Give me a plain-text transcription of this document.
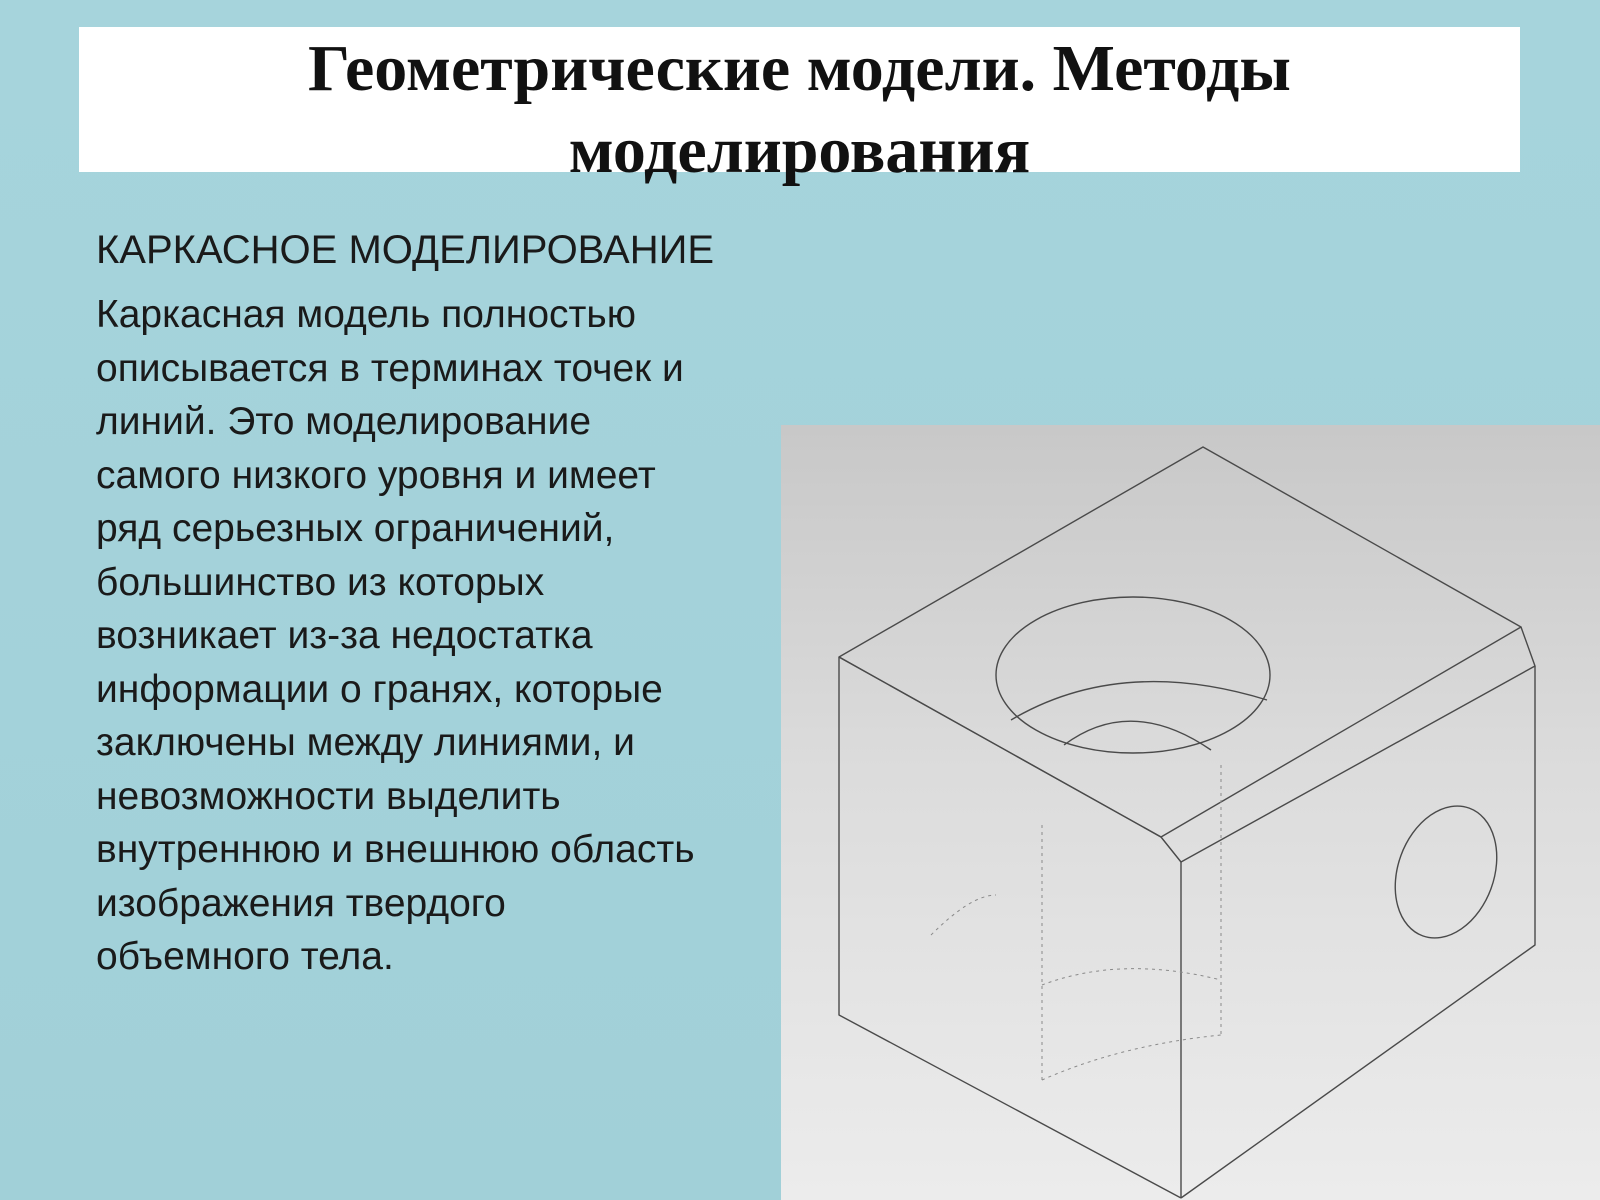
Геометрические модели. Методы моделирования

КАРКАСНОЕ МОДЕЛИРОВАНИЕ

Каркасная модель полностью
описывается в терминах точек и
линий. Это моделирование
самого низкого уровня и имеет
ряд серьезных ограничений,
большинство из которых
возникает из-за недостатка
информации о гранях, которые
заключены между линиями, и
невозможности выделить
внутреннюю и внешнюю область
изображения твердого
объемного тела.
